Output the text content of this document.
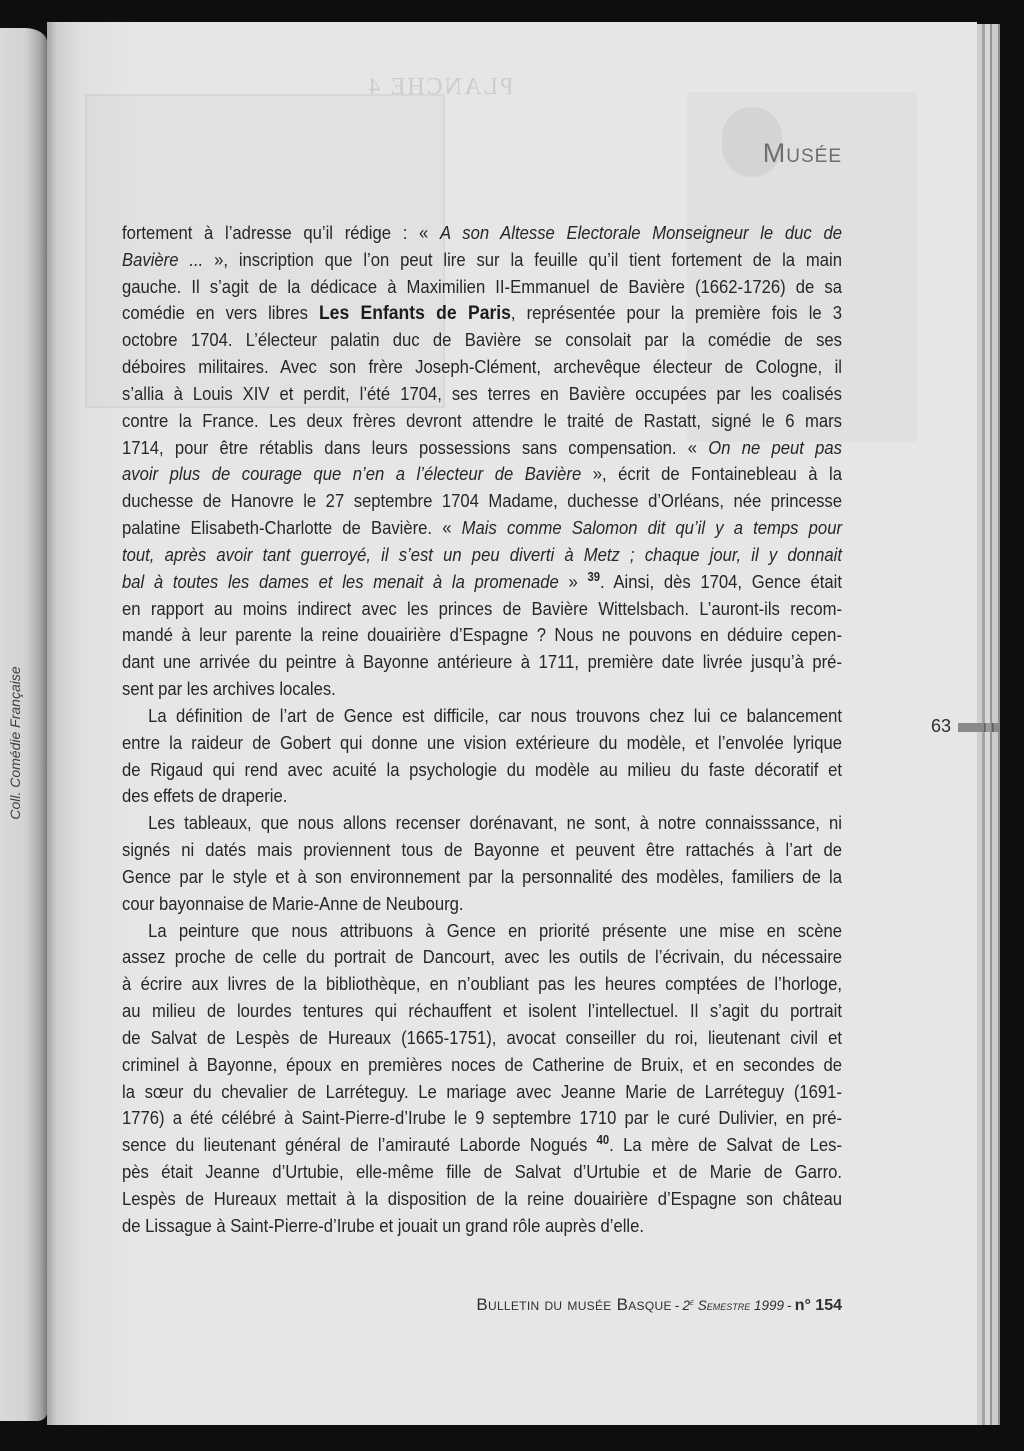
Coll. Comédie Française
PLANCHE 4
Musée
fortement à l’adresse qu’il rédige : « A son Altesse Electorale Monseigneur le duc de
Bavière ... », inscription que l’on peut lire sur la feuille qu’il tient fortement de la main
gauche. Il s’agit de la dédicace à Maximilien II-Emmanuel de Bavière (1662-1726) de sa
comédie en vers libres Les Enfants de Paris, représentée pour la première fois le 3
octobre 1704. L’électeur palatin duc de Bavière se consolait par la comédie de ses
déboires militaires. Avec son frère Joseph-Clément, archevêque électeur de Cologne, il
s’allia à Louis XIV et perdit, l’été 1704, ses terres en Bavière occupées par les coalisés
contre la France. Les deux frères devront attendre le traité de Rastatt, signé le 6 mars
1714, pour être rétablis dans leurs possessions sans compensation. « On ne peut pas
avoir plus de courage que n’en a l’électeur de Bavière », écrit de Fontainebleau à la
duchesse de Hanovre le 27 septembre 1704 Madame, duchesse d’Orléans, née princesse
palatine Elisabeth-Charlotte de Bavière. « Mais comme Salomon dit qu’il y a temps pour
tout, après avoir tant guerroyé, il s’est un peu diverti à Metz ; chaque jour, il y donnait
bal à toutes les dames et les menait à la promenade » $^{39}$. Ainsi, dès 1704, Gence était
en rapport au moins indirect avec les princes de Bavière Wittelsbach. L’auront-ils recom-
mandé à leur parente la reine douairière d’Espagne ? Nous ne pouvons en déduire cepen-
dant une arrivée du peintre à Bayonne antérieure à 1711, première date livrée jusqu’à pré-
sent par les archives locales.
La définition de l’art de Gence est difficile, car nous trouvons chez lui ce balancement
entre la raideur de Gobert qui donne une vision extérieure du modèle, et l’envolée lyrique
de Rigaud qui rend avec acuité la psychologie du modèle au milieu du faste décoratif et
des effets de draperie.
Les tableaux, que nous allons recenser dorénavant, ne sont, à notre connaisssance, ni
signés ni datés mais proviennent tous de Bayonne et peuvent être rattachés à l’art de
Gence par le style et à son environnement par la personnalité des modèles, familiers de la
cour bayonnaise de Marie-Anne de Neubourg.
La peinture que nous attribuons à Gence en priorité présente une mise en scène
assez proche de celle du portrait de Dancourt, avec les outils de l’écrivain, du nécessaire
à écrire aux livres de la bibliothèque, en n’oubliant pas les heures comptées de l’horloge,
au milieu de lourdes tentures qui réchauffent et isolent l’intellectuel. Il s’agit du portrait
de Salvat de Lespès de Hureaux (1665-1751), avocat conseiller du roi, lieutenant civil et
criminel à Bayonne, époux en premières noces de Catherine de Bruix, et en secondes de
la sœur du chevalier de Larréteguy. Le mariage avec Jeanne Marie de Larréteguy (1691-
1776) a été célébré à Saint-Pierre-d’Irube le 9 septembre 1710 par le curé Dulivier, en pré-
sence du lieutenant général de l’amirauté Laborde Nogués $^{40}$. La mère de Salvat de Les-
pès était Jeanne d’Urtubie, elle-même fille de Salvat d’Urtubie et de Marie de Garro.
Lespès de Hureaux mettait à la disposition de la reine douairière d’Espagne son château
de Lissague à Saint-Pierre-d’Irube et jouait un grand rôle auprès d’elle.
63
Bulletin du musée Basque - 2e Semestre 1999 - n° 154
